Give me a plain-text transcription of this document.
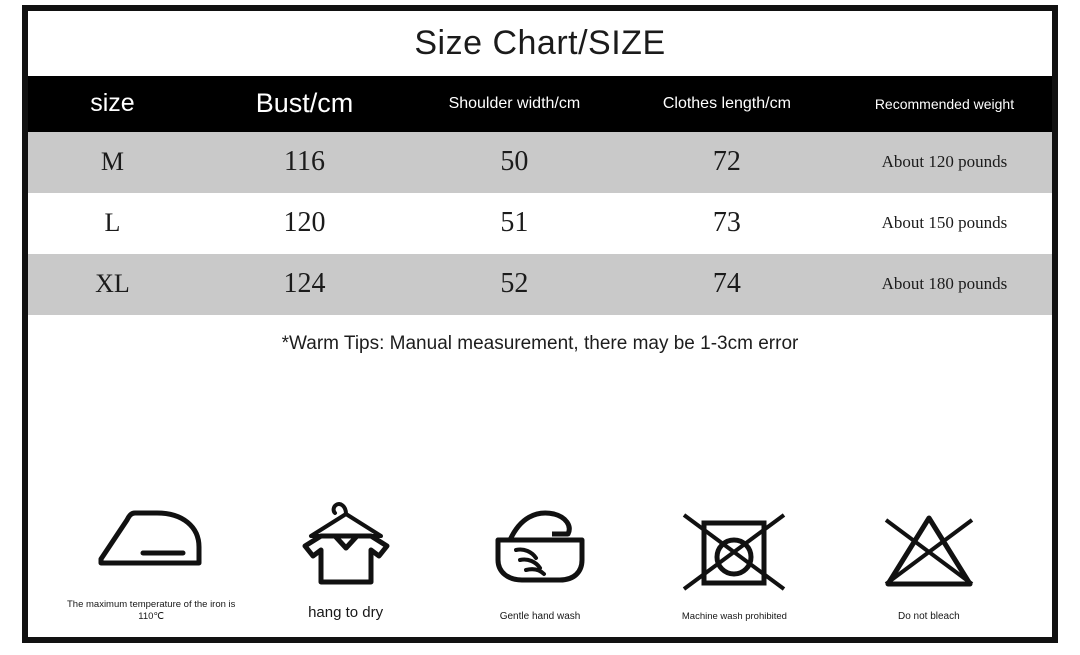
Size Chart/SIZE
size	Bust/cm	Shoulder width/cm	Clothes length/cm	Recommended weight
M	116	50	72	About 120 pounds
L	120	51	73	About 150 pounds
XL	124	52	74	About 180 pounds
*Warm Tips: Manual measurement, there may be 1-3cm error
The maximum temperature of the iron is 110℃	hang to dry	Gentle hand wash	Machine wash prohibited	Do not bleach
